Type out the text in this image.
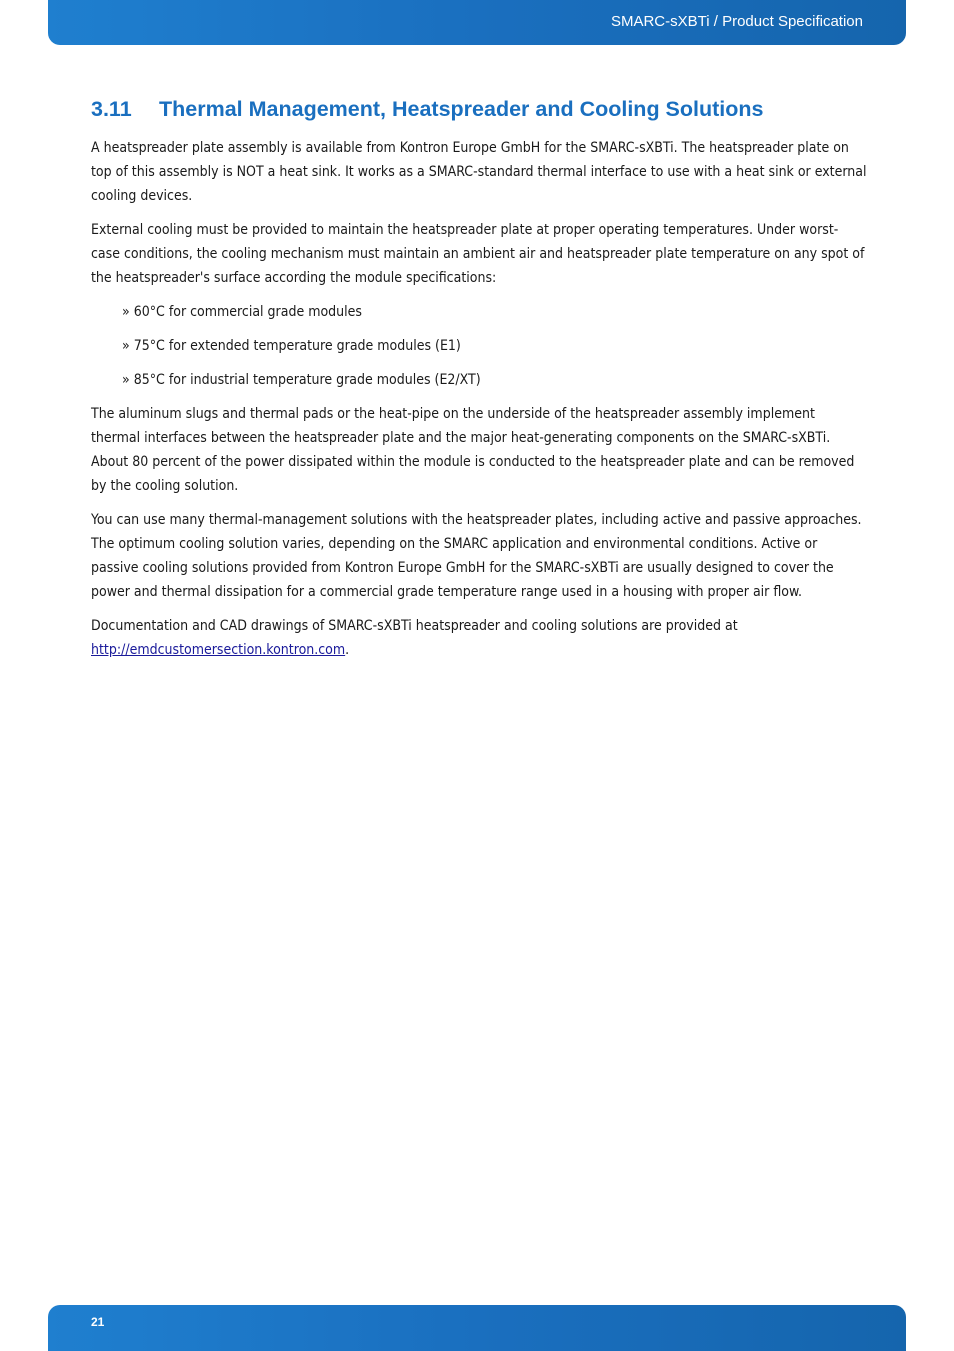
SMARC-sXBTi / Product Specification
3.11 Thermal Management, Heatspreader and Cooling Solutions

A heatspreader plate assembly is available from Kontron Europe GmbH for the SMARC-sXBTi. The heatspreader plate on top of this assembly is NOT a heat sink. It works as a SMARC-standard thermal interface to use with a heat sink or external cooling devices.

External cooling must be provided to maintain the heatspreader plate at proper operating temperatures. Under worst-case conditions, the cooling mechanism must maintain an ambient air and heatspreader plate temperature on any spot of the heatspreader's surface according the module specifications:

» 60°C for commercial grade modules
» 75°C for extended temperature grade modules (E1)
» 85°C for industrial temperature grade modules (E2/XT)

The aluminum slugs and thermal pads or the heat-pipe on the underside of the heatspreader assembly implement thermal interfaces between the heatspreader plate and the major heat-generating components on the SMARC-sXBTi. About 80 percent of the power dissipated within the module is conducted to the heatspreader plate and can be removed by the cooling solution.

You can use many thermal-management solutions with the heatspreader plates, including active and passive approaches. The optimum cooling solution varies, depending on the SMARC application and environmental conditions. Active or passive cooling solutions provided from Kontron Europe GmbH for the SMARC-sXBTi are usually designed to cover the power and thermal dissipation for a commercial grade temperature range used in a housing with proper air flow.

Documentation and CAD drawings of SMARC-sXBTi heatspreader and cooling solutions are provided at
http://emdcustomersection.kontron.com.

21
